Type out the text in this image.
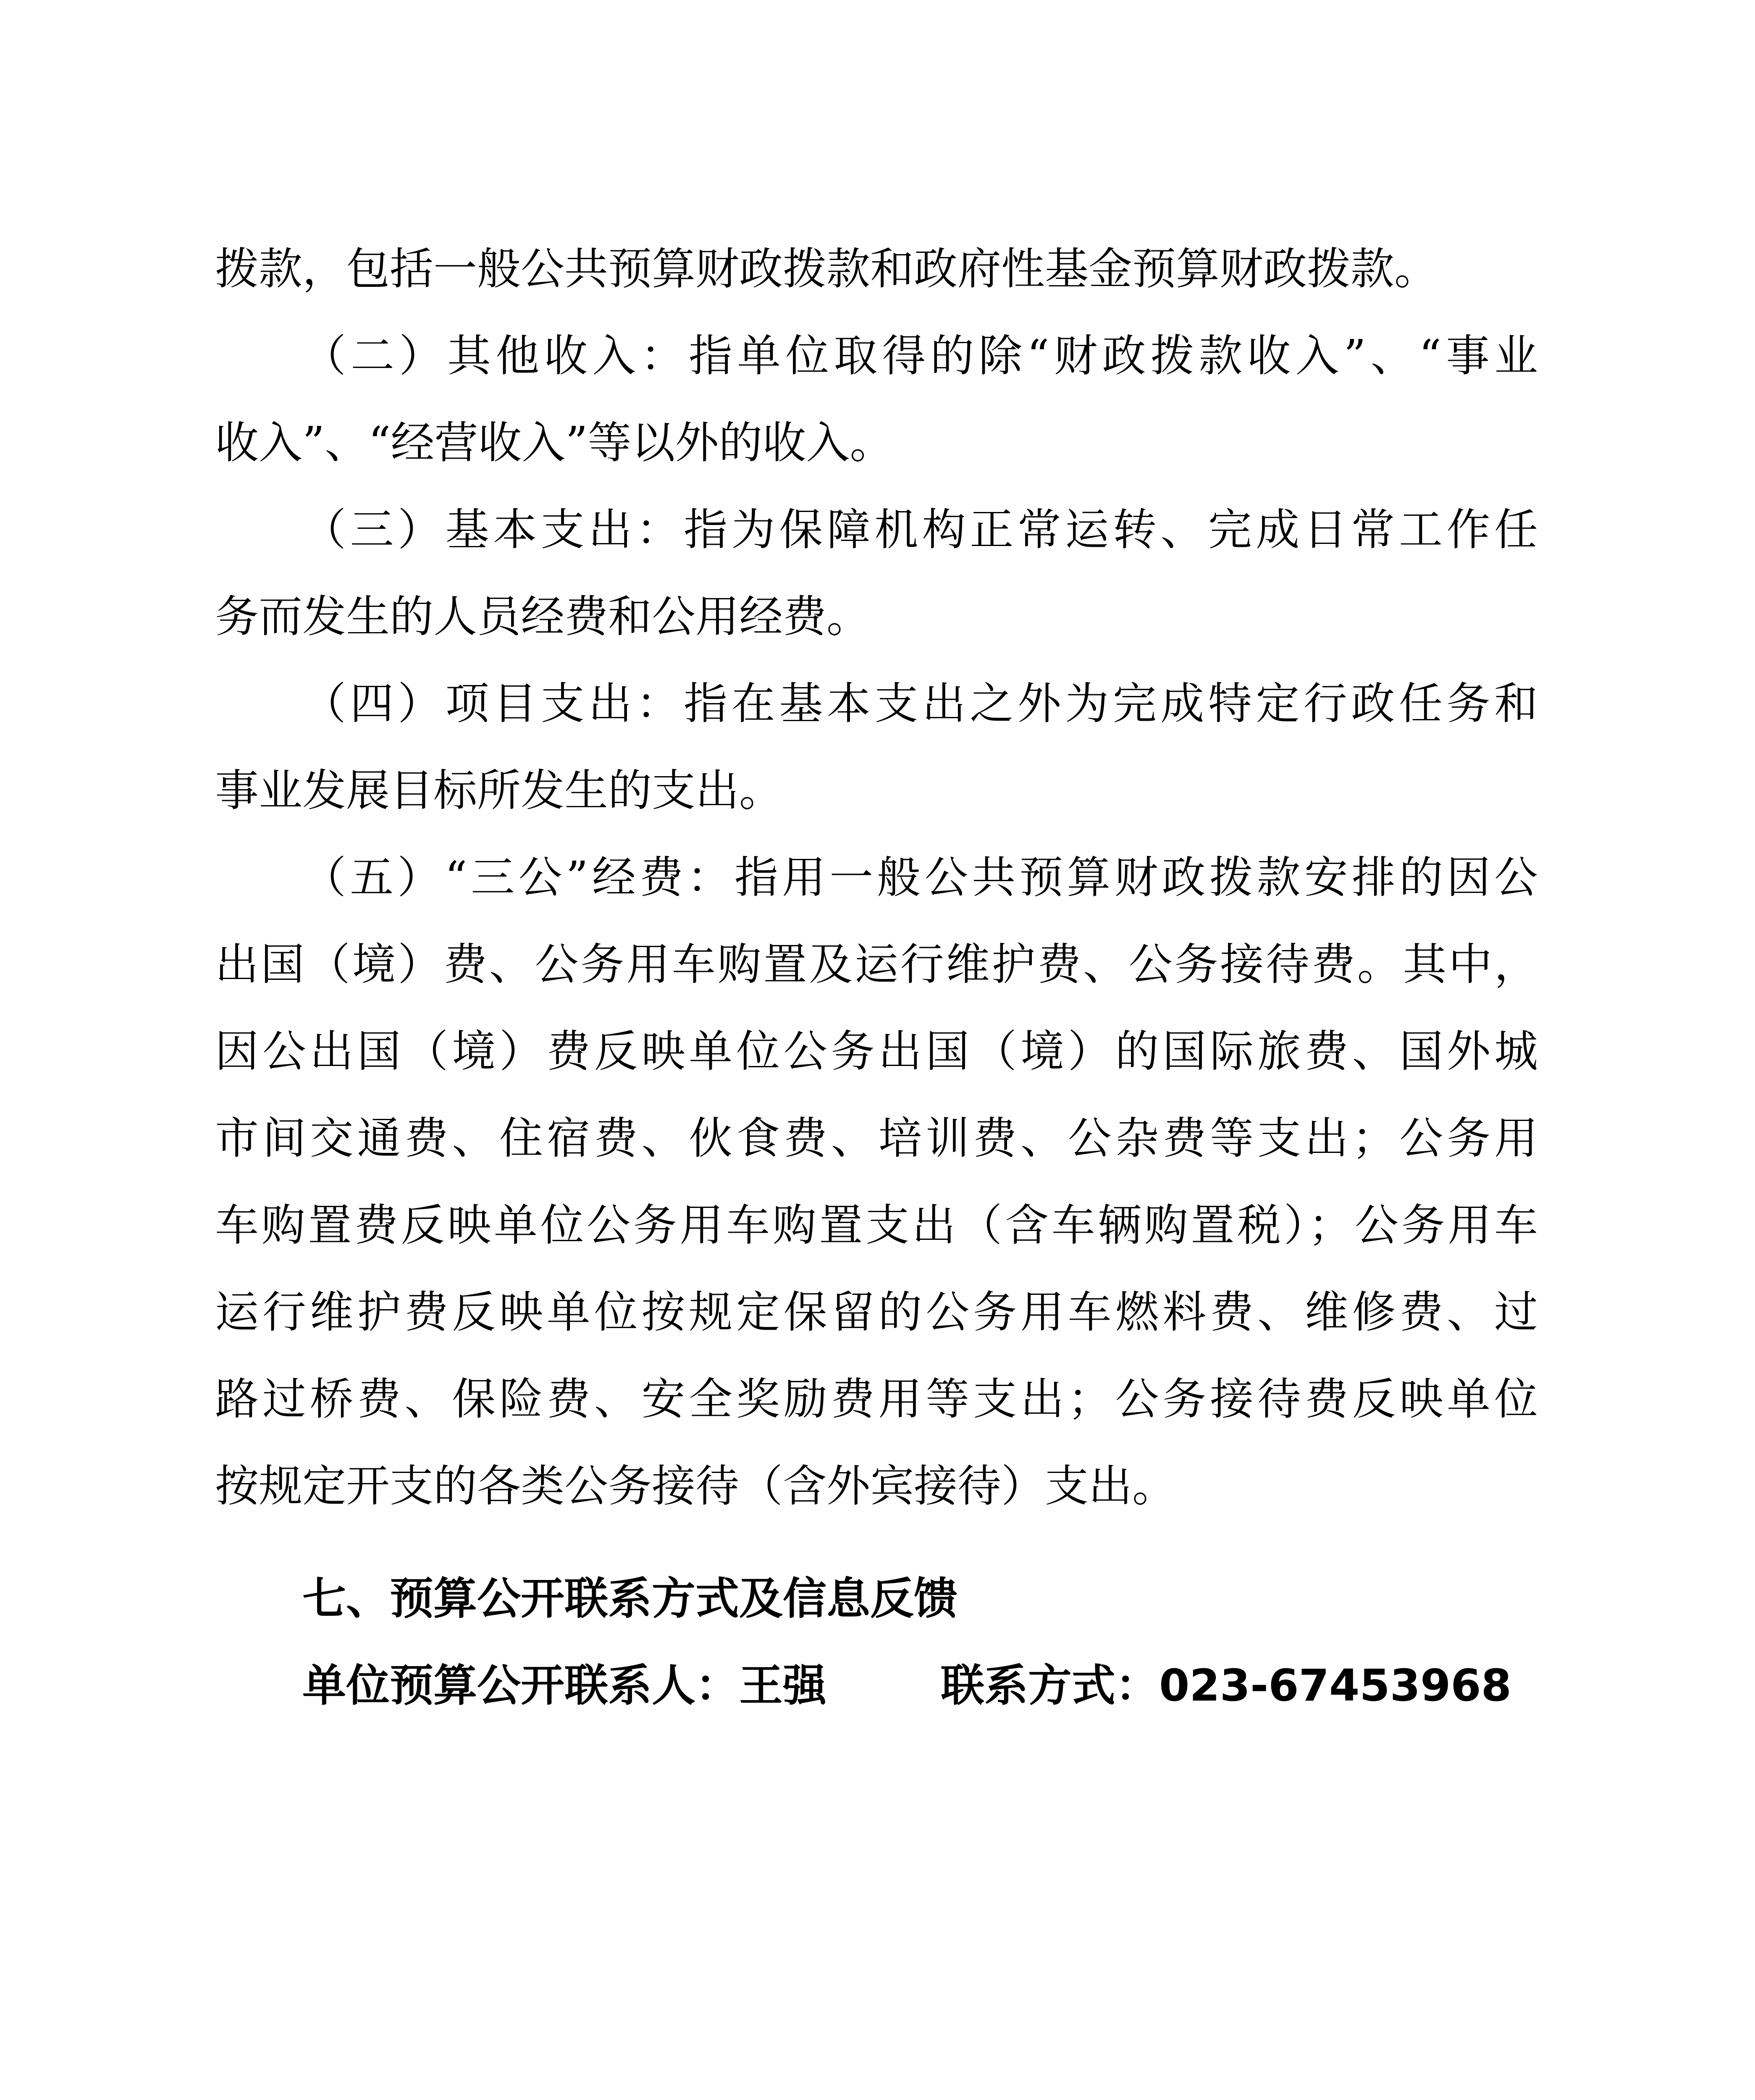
拨款，包括一般公共预算财政拨款和政府性基金预算财政拨款。
（二）其他收入：指单位取得的除“财政拨款收入”、“事业
收入”、“经营收入”等以外的收入。
（三）基本支出：指为保障机构正常运转、完成日常工作任
务而发生的人员经费和公用经费。
（四）项目支出：指在基本支出之外为完成特定行政任务和
事业发展目标所发生的支出。
（五）“三公”经费：指用一般公共预算财政拨款安排的因公
出国（境）费、公务用车购置及运行维护费、公务接待费。其中，
因公出国（境）费反映单位公务出国（境）的国际旅费、国外城
市间交通费、住宿费、伙食费、培训费、公杂费等支出；公务用
车购置费反映单位公务用车购置支出（含车辆购置税）；公务用车
运行维护费反映单位按规定保留的公务用车燃料费、维修费、过
路过桥费、保险费、安全奖励费用等支出；公务接待费反映单位
按规定开支的各类公务接待（含外宾接待）支出。
七、预算公开联系方式及信息反馈
单位预算公开联系人：王强	联系方式：023-67453968
